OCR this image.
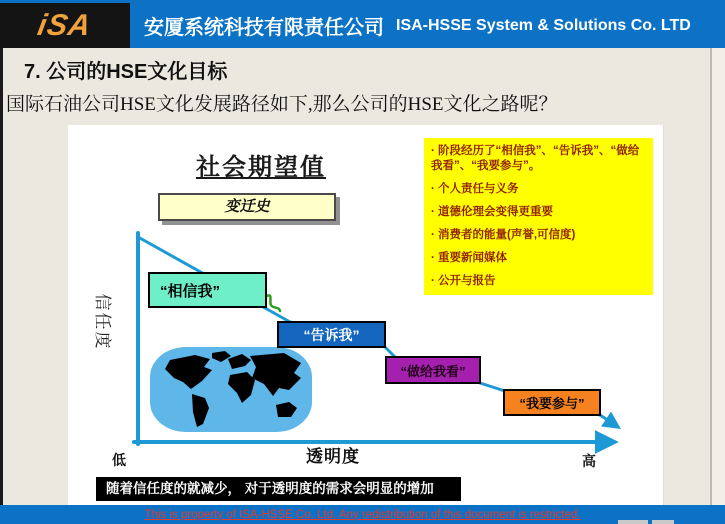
iSA 安厦系统科技有限责任公司 ISA-HSSE System & Solutions Co. LTD
7. 公司的HSE文化目标
国际石油公司HSE文化发展路径如下,那么公司的HSE文化之路呢？
社会期望值
变迁史
信任度
“相信我”
“告诉我”
“做给我看”
“我要参与”
低	透明度	高
· 阶段经历了“相信我”、“告诉我”、“做给我看”、“我要参与”。
· 个人责任与义务
· 道德伦理会变得更重要
· 消费者的能量(声誉,可信度)
· 重要新闻媒体
· 公开与报告
随着信任度的就减少， 对于透明度的需求会明显的增加
This is property of ISA-HSSE Co. Ltd. Any redistribution of this document is restricted.
